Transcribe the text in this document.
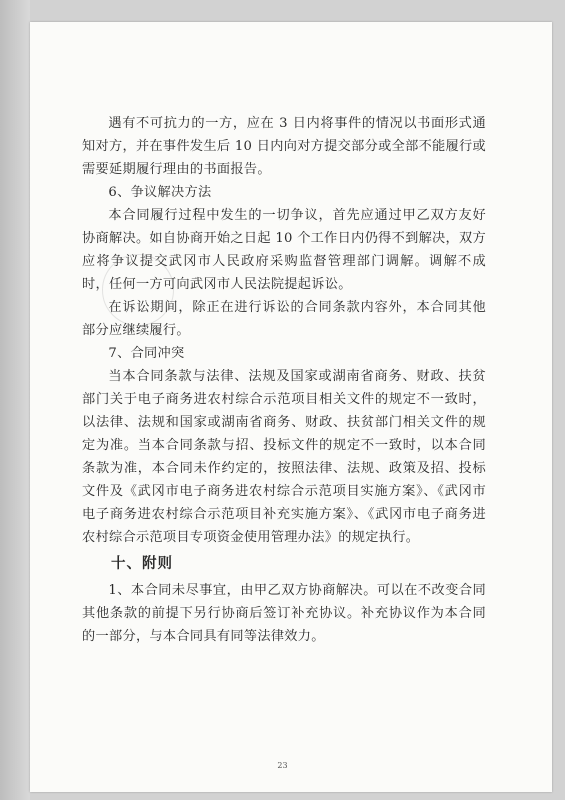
遇有不可抗力的一方，应在 3 日内将事件的情况以书面形式通知对方，并在事件发生后 10 日内向对方提交部分或全部不能履行或需要延期履行理由的书面报告。

6、争议解决方法

本合同履行过程中发生的一切争议，首先应通过甲乙双方友好协商解决。如自协商开始之日起 10 个工作日内仍得不到解决，双方应将争议提交武冈市人民政府采购监督管理部门调解。调解不成时，任何一方可向武冈市人民法院提起诉讼。

在诉讼期间，除正在进行诉讼的合同条款内容外，本合同其他部分应继续履行。

7、合同冲突

当本合同条款与法律、法规及国家或湖南省商务、财政、扶贫部门关于电子商务进农村综合示范项目相关文件的规定不一致时，以法律、法规和国家或湖南省商务、财政、扶贫部门相关文件的规定为准。当本合同条款与招、投标文件的规定不一致时，以本合同条款为准，本合同未作约定的，按照法律、法规、政策及招、投标文件及《武冈市电子商务进农村综合示范项目实施方案》、《武冈市电子商务进农村综合示范项目补充实施方案》、《武冈市电子商务进农村综合示范项目专项资金使用管理办法》的规定执行。

十、附则

1、本合同未尽事宜，由甲乙双方协商解决。可以在不改变合同其他条款的前提下另行协商后签订补充协议。补充协议作为本合同的一部分，与本合同具有同等法律效力。

23
